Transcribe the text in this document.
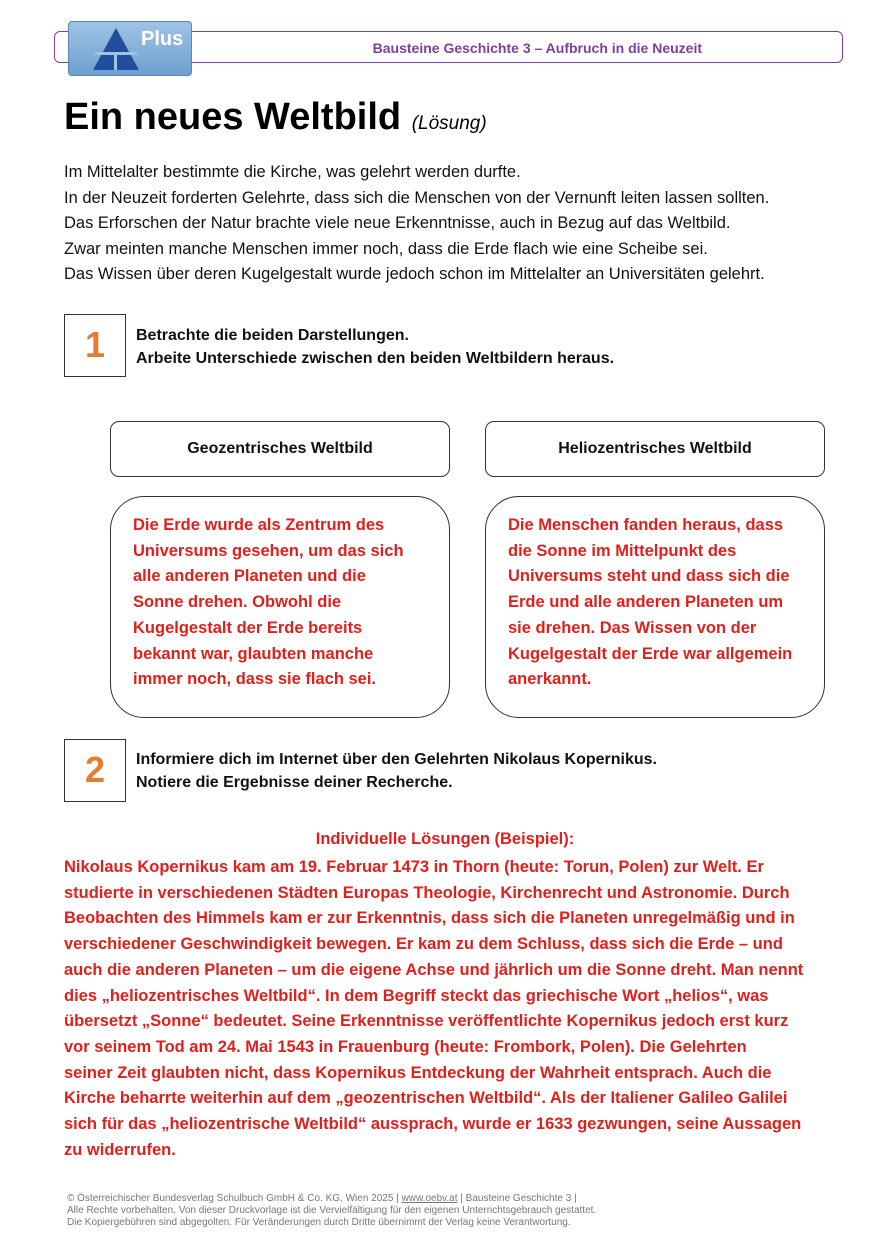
Bausteine Geschichte 3 – Aufbruch in die Neuzeit
Plus
Ein neues Weltbild (Lösung)
Im Mittelalter bestimmte die Kirche, was gelehrt werden durfte.
In der Neuzeit forderten Gelehrte, dass sich die Menschen von der Vernunft leiten lassen sollten.
Das Erforschen der Natur brachte viele neue Erkenntnisse, auch in Bezug auf das Weltbild.
Zwar meinten manche Menschen immer noch, dass die Erde flach wie eine Scheibe sei.
Das Wissen über deren Kugelgestalt wurde jedoch schon im Mittelalter an Universitäten gelehrt.
1	Betrachte die beiden Darstellungen.
Arbeite Unterschiede zwischen den beiden Weltbildern heraus.
Geozentrisches Weltbild	Heliozentrisches Weltbild
Die Erde wurde als Zentrum des
Universums gesehen, um das sich
alle anderen Planeten und die
Sonne drehen. Obwohl die
Kugelgestalt der Erde bereits
bekannt war, glaubten manche
immer noch, dass sie flach sei.
Die Menschen fanden heraus, dass
die Sonne im Mittelpunkt des
Universums steht und dass sich die
Erde und alle anderen Planeten um
sie drehen. Das Wissen von der
Kugelgestalt der Erde war allgemein
anerkannt.
2	Informiere dich im Internet über den Gelehrten Nikolaus Kopernikus.
Notiere die Ergebnisse deiner Recherche.
Individuelle Lösungen (Beispiel):
Nikolaus Kopernikus kam am 19. Februar 1473 in Thorn (heute: Torun, Polen) zur Welt. Er
studierte in verschiedenen Städten Europas Theologie, Kirchenrecht und Astronomie. Durch
Beobachten des Himmels kam er zur Erkenntnis, dass sich die Planeten unregelmäßig und in
verschiedener Geschwindigkeit bewegen. Er kam zu dem Schluss, dass sich die Erde – und
auch die anderen Planeten – um die eigene Achse und jährlich um die Sonne dreht. Man nennt
dies „heliozentrisches Weltbild“. In dem Begriff steckt das griechische Wort „helios“, was
übersetzt „Sonne“ bedeutet. Seine Erkenntnisse veröffentlichte Kopernikus jedoch erst kurz
vor seinem Tod am 24. Mai 1543 in Frauenburg (heute: Frombork, Polen). Die Gelehrten
seiner Zeit glaubten nicht, dass Kopernikus Entdeckung der Wahrheit entsprach. Auch die
Kirche beharrte weiterhin auf dem „geozentrischen Weltbild“. Als der Italiener Galileo Galilei
sich für das „heliozentrische Weltbild“ aussprach, wurde er 1633 gezwungen, seine Aussagen
zu widerrufen.
© Österreichischer Bundesverlag Schulbuch GmbH & Co. KG, Wien 2025 | www.oebv.at | Bausteine Geschichte 3 |
Alle Rechte vorbehalten. Von dieser Druckvorlage ist die Vervielfältigung für den eigenen Unterrichtsgebrauch gestattet.
Die Kopiergebühren sind abgegolten. Für Veränderungen durch Dritte übernimmt der Verlag keine Verantwortung.
